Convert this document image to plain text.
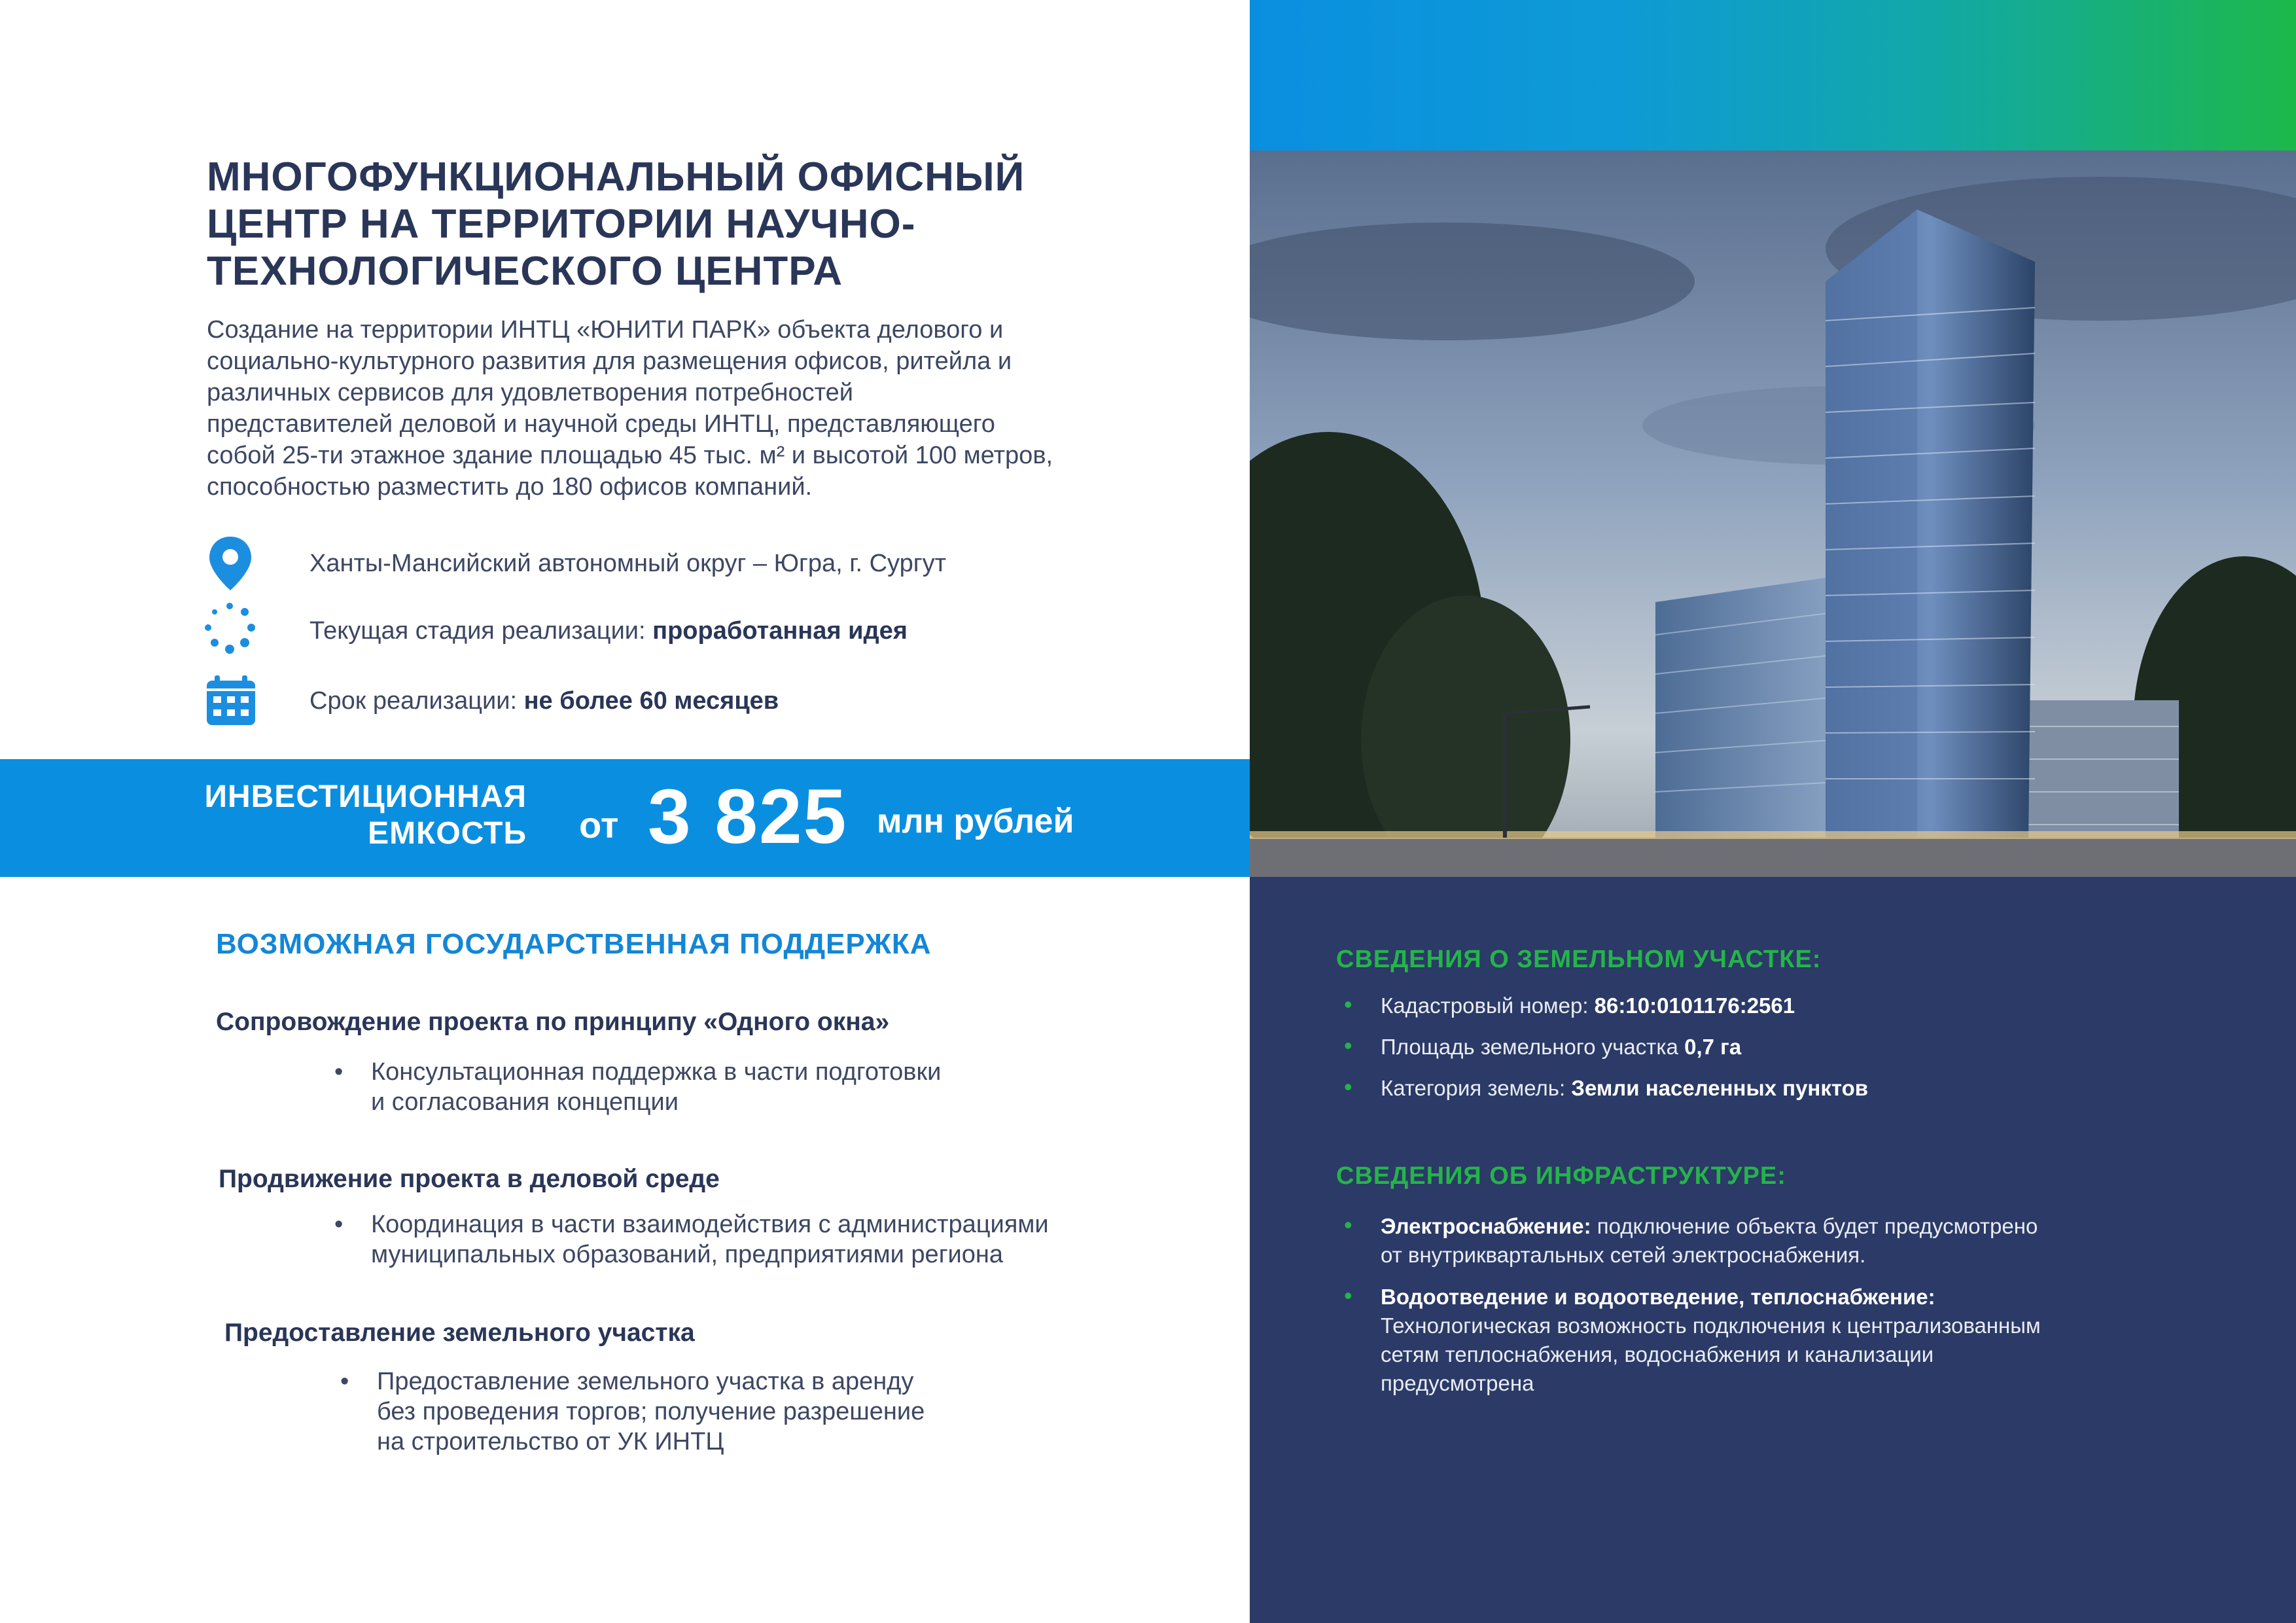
МНОГОФУНКЦИОНАЛЬНЫЙ ОФИСНЫЙ
ЦЕНТР НА ТЕРРИТОРИИ НАУЧНО-
ТЕХНОЛОГИЧЕСКОГО ЦЕНТРА
Создание на территории ИНТЦ «ЮНИТИ ПАРК» объекта делового и
социально-культурного развития для размещения офисов, ритейла и
различных сервисов для удовлетворения потребностей
представителей деловой и научной среды ИНТЦ, представляющего
собой 25-ти этажное здание площадью 45 тыс. м² и высотой 100 метров,
способностью разместить до 180 офисов компаний.
Ханты-Мансийский автономный округ – Югра, г. Сургут
Текущая стадия реализации: проработанная идея
Срок реализации: не более 60 месяцев
ИНВЕСТИЦИОННАЯ
ЕМКОСТЬ от 3 825 млн рублей
ВОЗМОЖНАЯ ГОСУДАРСТВЕННАЯ ПОДДЕРЖКА
Сопровождение проекта по принципу «Одного окна»
• Консультационная поддержка в части подготовки
и согласования концепции
Продвижение проекта в деловой среде
• Координация в части взаимодействия с администрациями
муниципальных образований, предприятиями региона
Предоставление земельного участка
• Предоставление земельного участка в аренду
без проведения торгов; получение разрешение
на строительство от УК ИНТЦ
СВЕДЕНИЯ О ЗЕМЕЛЬНОМ УЧАСТКЕ:
• Кадастровый номер: 86:10:0101176:2561
• Площадь земельного участка 0,7 га
• Категория земель: Земли населенных пунктов
СВЕДЕНИЯ ОБ ИНФРАСТРУКТУРЕ:
• Электроснабжение: подключение объекта будет предусмотрено
от внутриквартальных сетей электроснабжения.
• Водоотведение и водоотведение, теплоснабжение:
Технологическая возможность подключения к централизованным
сетям теплоснабжения, водоснабжения и канализации
предусмотрена
